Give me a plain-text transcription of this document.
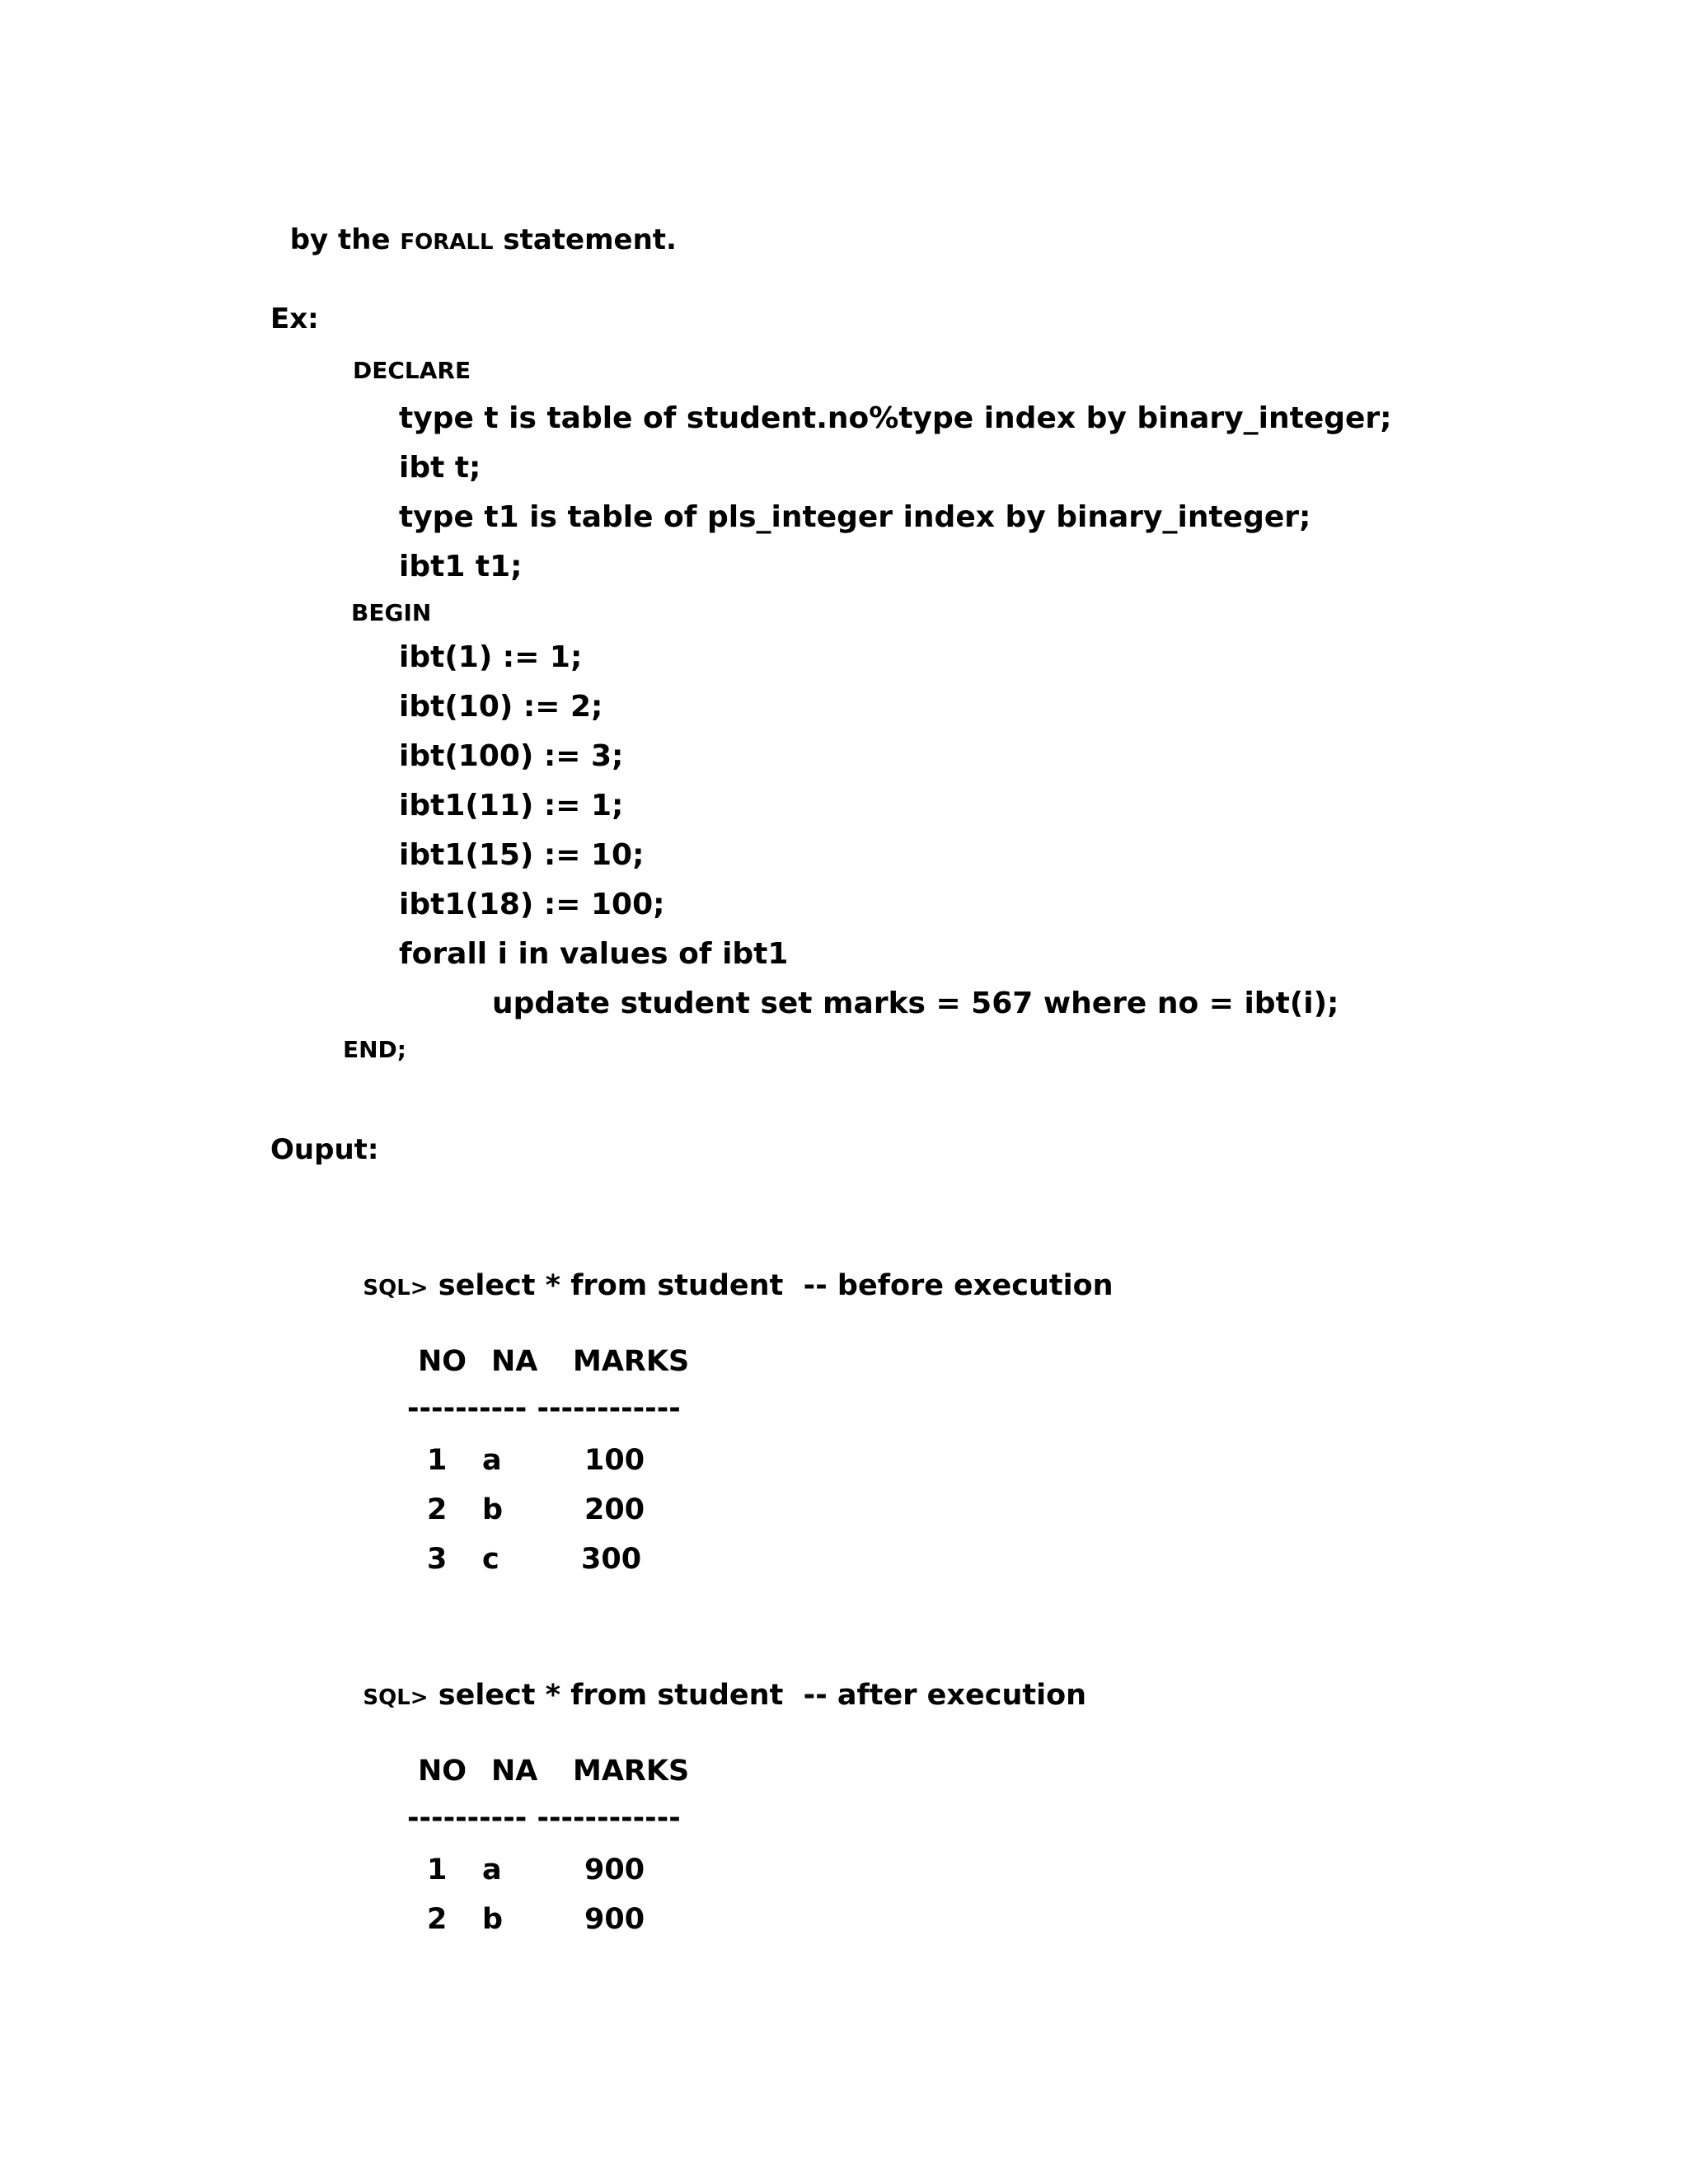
by the FORALL statement.

Ex:
DECLARE
type t is table of student.no%type index by binary_integer;
ibt t;
type t1 is table of pls_integer index by binary_integer;
ibt1 t1;
BEGIN
ibt(1) := 1;
ibt(10) := 2;
ibt(100) := 3;
ibt1(11) := 1;
ibt1(15) := 10;
ibt1(18) := 100;
forall i in values of ibt1
update student set marks = 567 where no = ibt(i);
END;
Ouput:

SQL> select * from student  -- before execution

NO NA MARKS
---------- ------------
1 a	100
2 b	200
3 c	300

SQL> select * from student  -- after execution

NO NA MARKS
---------- ------------
1 a	900
2 b	900
